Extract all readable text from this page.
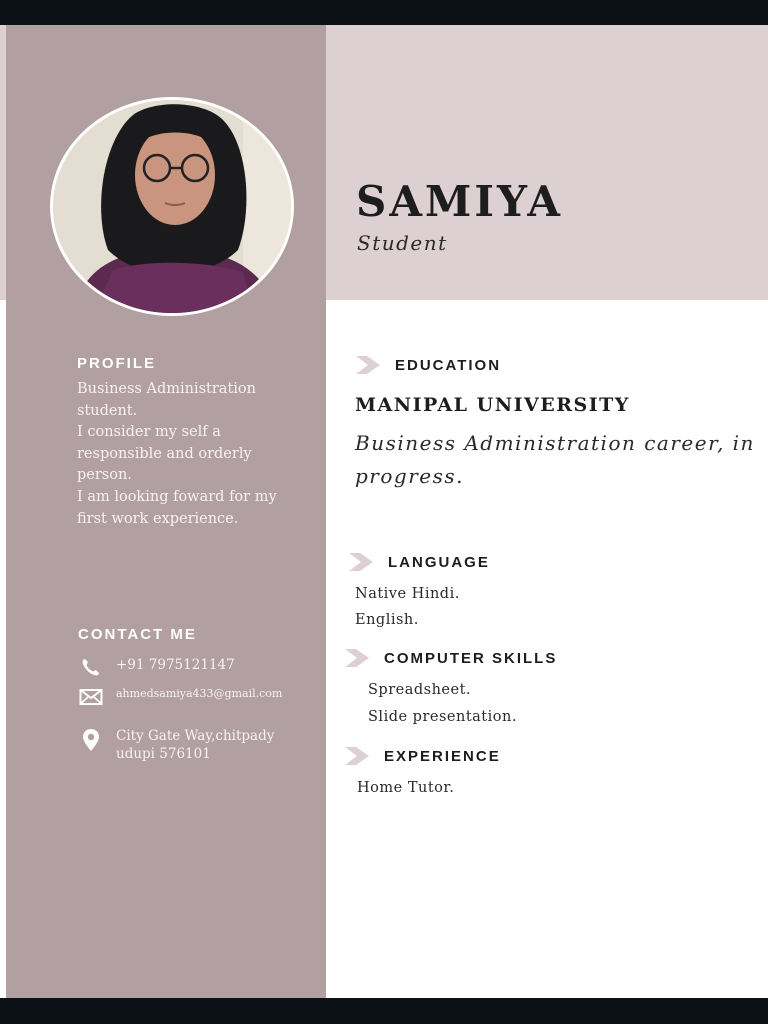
PROFILE
Business Administration student.
I consider my self a responsible and orderly person.
I am looking foward for my first work experience.
CONTACT ME
+91 7975121147
ahmedsamiya433@gmail.com
City Gate Way,chitpady udupi 576101
SAMIYA
Student
EDUCATION
MANIPAL UNIVERSITY
Business Administration career, in progress.
LANGUAGE
Native Hindi.
English.
COMPUTER SKILLS
Spreadsheet.
Slide presentation.
EXPERIENCE
Home Tutor.
